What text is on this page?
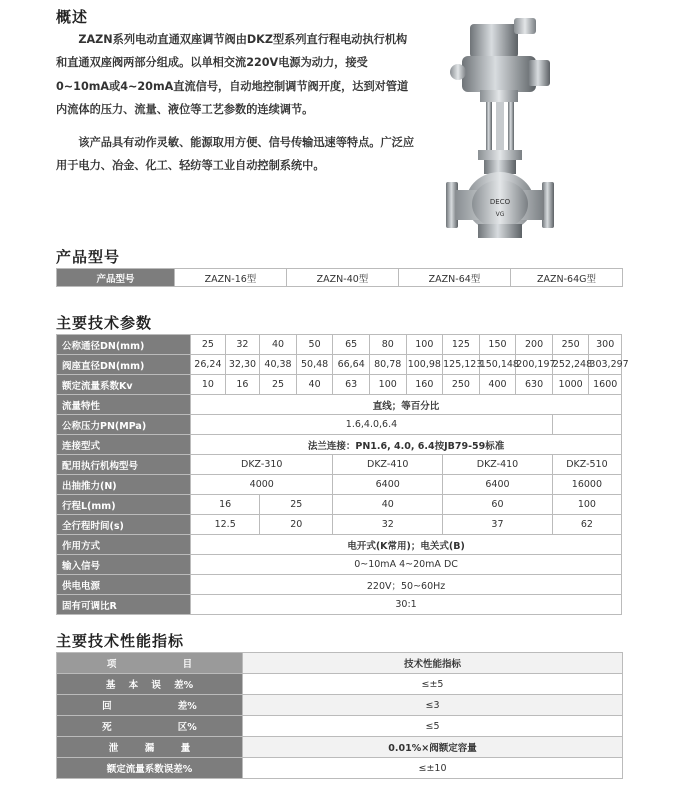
概述

ZAZN系列电动直通双座调节阀由DKZ型系列直行程电动执行机构和直通双座阀两部分组成。以单相交流220V电源为动力，接受0~10mA或4~20mA直流信号，自动地控制调节阀开度，达到对管道内流体的压力、流量、液位等工艺参数的连续调节。

该产品具有动作灵敏、能源取用方便、信号传输迅速等特点。广泛应用于电力、冶金、化工、轻纺等工业自动控制系统中。

DECO
VG
产品型号
产品型号	ZAZN-16型	ZAZN-40型	ZAZN-64型	ZAZN-64G型
主要技术参数
公称通径DN(mm)	25	32	40	50	65	80	100	125	150	200	250	300
阀座直径DN(mm)	26,24	32,30	40,38	50,48	66,64	80,78	100,98	125,123	150,148	200,197	252,248	303,297
额定流量系数Kv	10	16	25	40	63	100	160	250	400	630	1000	1600
流量特性	直线；等百分比											
公称压力PN(MPa)	1.6,4.0,6.4											
连接型式	法兰连接：PN1.6, 4.0, 6.4按JB79-59标准											
配用执行机构型号	DKZ-310				DKZ-410			DKZ-410			DKZ-510	
出抽推力(N)	4000				6400			6400			16000	
行程L(mm)	16		25		40			60			100	
全行程时间(s)	12.5		20		32			37			62	
作用方式	电开式(K常用)；电关式(B)											
输入信号	0~10mA 4~20mA DC											
供电电源	220V；50~60Hz											
固有可调比R	30:1											
主要技术性能指标
项                    目	技术性能指标
基    本    误    差%	≤±5
回                    差%	≤3
死                    区%	≤5
泄        漏        量	0.01%×阀额定容量
额定流量系数误差%	≤±10
